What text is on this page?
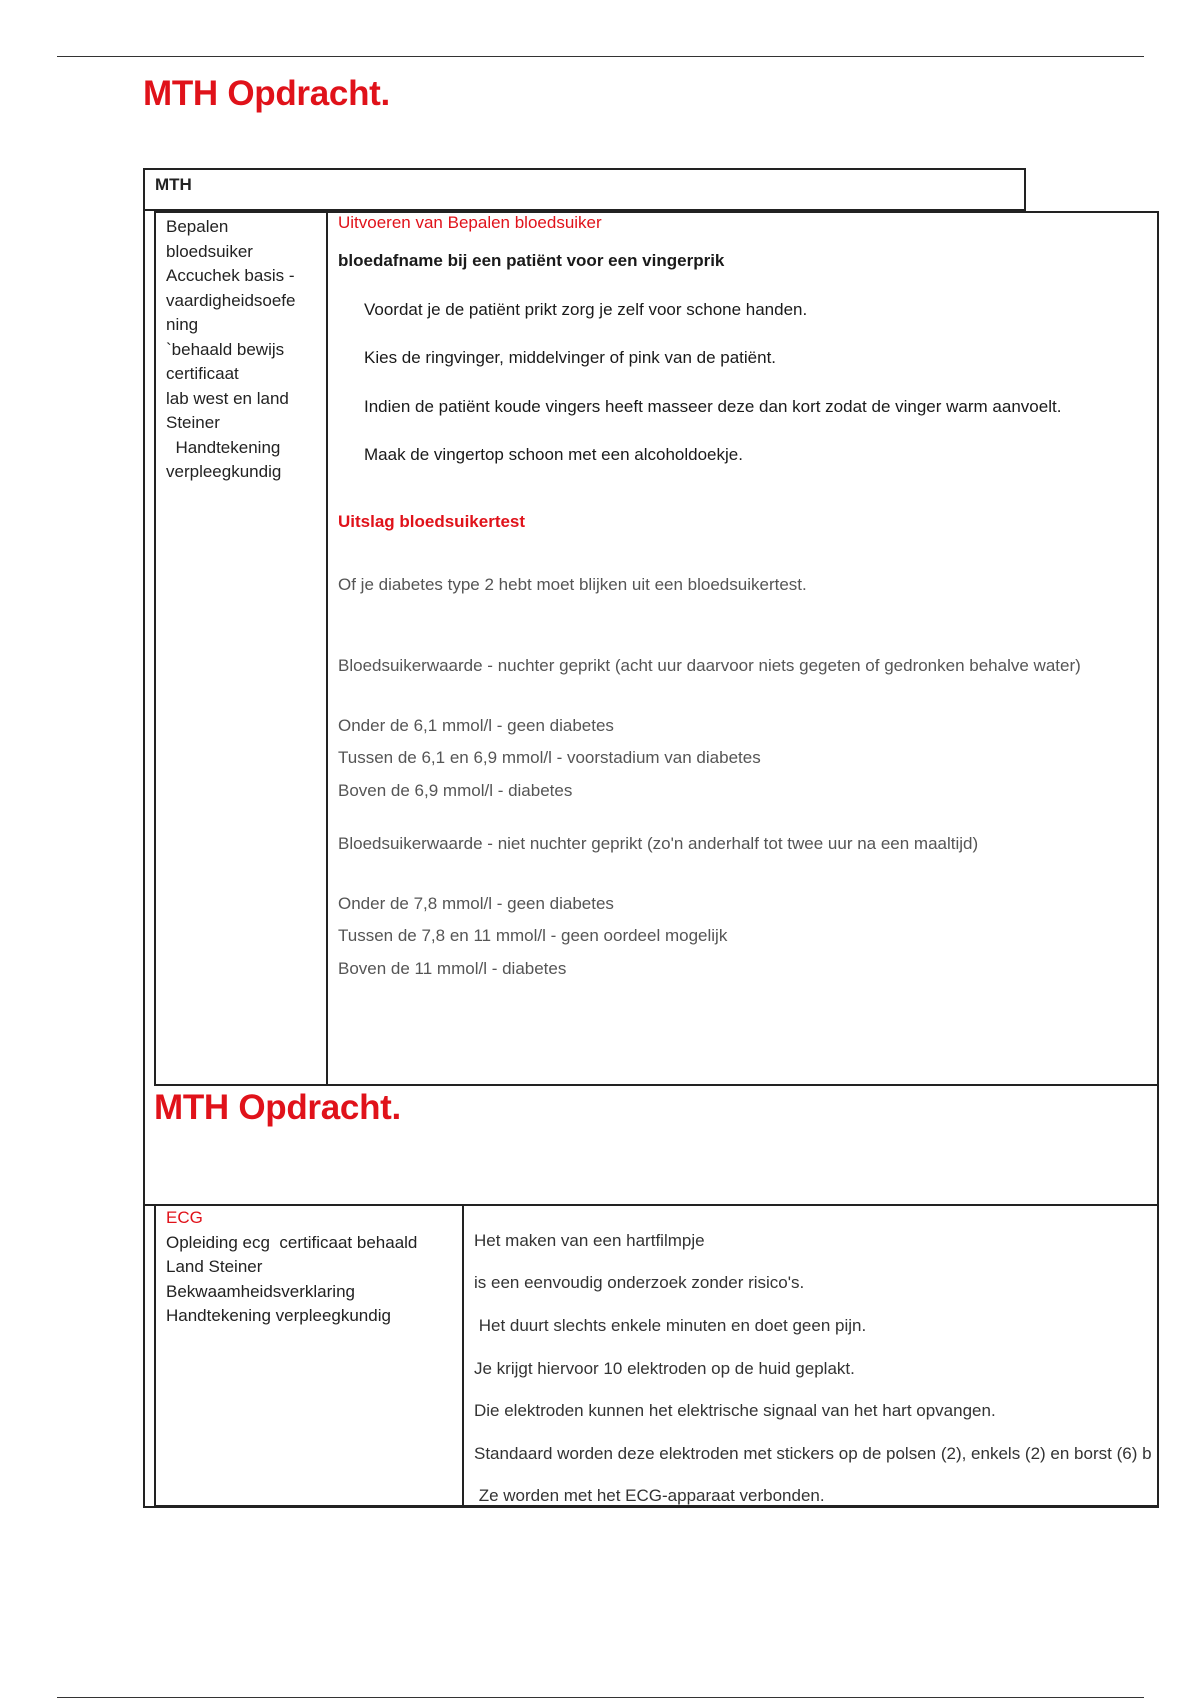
MTH Opdracht.
MTH
Bepalen
bloedsuiker
Accuchek basis -
vaardigheidsoefe
ning
`behaald bewijs
certificaat
lab west en land
Steiner
Handtekening
verpleegkundig
Uitvoeren van Bepalen bloedsuiker
bloedafname bij een patiënt voor een vingerprik
Voordat je de patiënt prikt zorg je zelf voor schone handen.
Kies de ringvinger, middelvinger of pink van de patiënt.
Indien de patiënt koude vingers heeft masseer deze dan kort zodat de vinger warm aanvoelt.
Maak de vingertop schoon met een alcoholdoekje.
Uitslag bloedsuikertest
Of je diabetes type 2 hebt moet blijken uit een bloedsuikertest.
Bloedsuikerwaarde - nuchter geprikt (acht uur daarvoor niets gegeten of gedronken behalve water)
Onder de 6,1 mmol/l - geen diabetes
Tussen de 6,1 en 6,9 mmol/l - voorstadium van diabetes
Boven de 6,9 mmol/l - diabetes
Bloedsuikerwaarde - niet nuchter geprikt (zo'n anderhalf tot twee uur na een maaltijd)
Onder de 7,8 mmol/l - geen diabetes
Tussen de 7,8 en 11 mmol/l - geen oordeel mogelijk
Boven de 11 mmol/l - diabetes
MTH Opdracht.
ECG
Opleiding ecg  certificaat behaald
Land Steiner
Bekwaamheidsverklaring
Handtekening verpleegkundig
Het maken van een hartfilmpje
is een eenvoudig onderzoek zonder risico's.
Het duurt slechts enkele minuten en doet geen pijn.
Je krijgt hiervoor 10 elektroden op de huid geplakt.
Die elektroden kunnen het elektrische signaal van het hart opvangen.
Standaard worden deze elektroden met stickers op de polsen (2), enkels (2) en borst (6) b
Ze worden met het ECG-apparaat verbonden.
